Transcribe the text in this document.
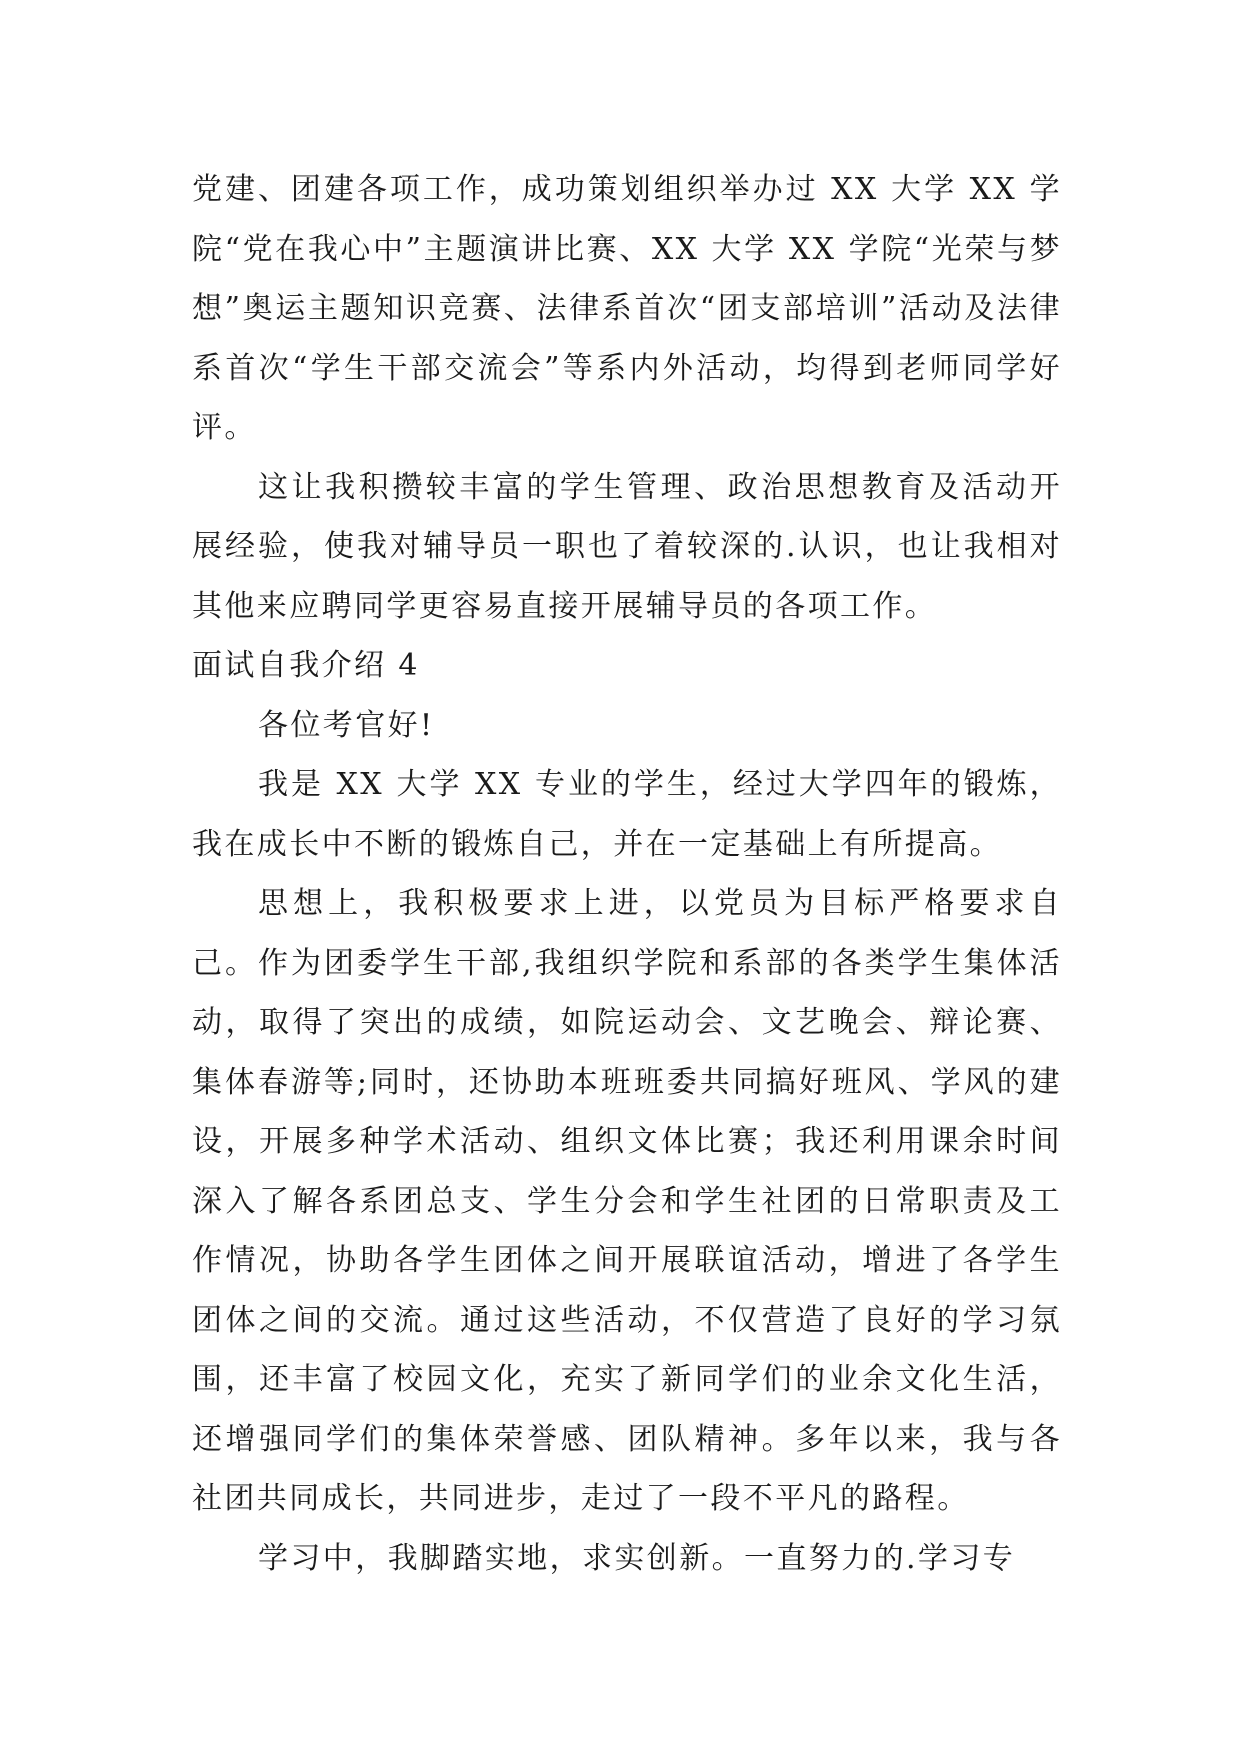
党建、团建各项工作，成功策划组织举办过 XX 大学 XX 学院“党在我心中”主题演讲比赛、XX 大学 XX 学院“光荣与梦想”奥运主题知识竞赛、法律系首次“团支部培训”活动及法律系首次“学生干部交流会”等系内外活动，均得到老师同学好评。

这让我积攒较丰富的学生管理、政治思想教育及活动开展经验，使我对辅导员一职也了着较深的.认识，也让我相对其他来应聘同学更容易直接开展辅导员的各项工作。

面试自我介绍 4

各位考官好!

我是 XX 大学 XX 专业的学生，经过大学四年的锻炼，我在成长中不断的锻炼自己，并在一定基础上有所提高。

思想上，我积极要求上进，以党员为目标严格要求自己。作为团委学生干部,我组织学院和系部的各类学生集体活动，取得了突出的成绩，如院运动会、文艺晚会、辩论赛、集体春游等;同时，还协助本班班委共同搞好班风、学风的建设，开展多种学术活动、组织文体比赛；我还利用课余时间深入了解各系团总支、学生分会和学生社团的日常职责及工作情况，协助各学生团体之间开展联谊活动，增进了各学生团体之间的交流。通过这些活动，不仅营造了良好的学习氛围，还丰富了校园文化，充实了新同学们的业余文化生活，还增强同学们的集体荣誉感、团队精神。多年以来，我与各社团共同成长，共同进步，走过了一段不平凡的路程。

学习中，我脚踏实地，求实创新。一直努力的.学习专
